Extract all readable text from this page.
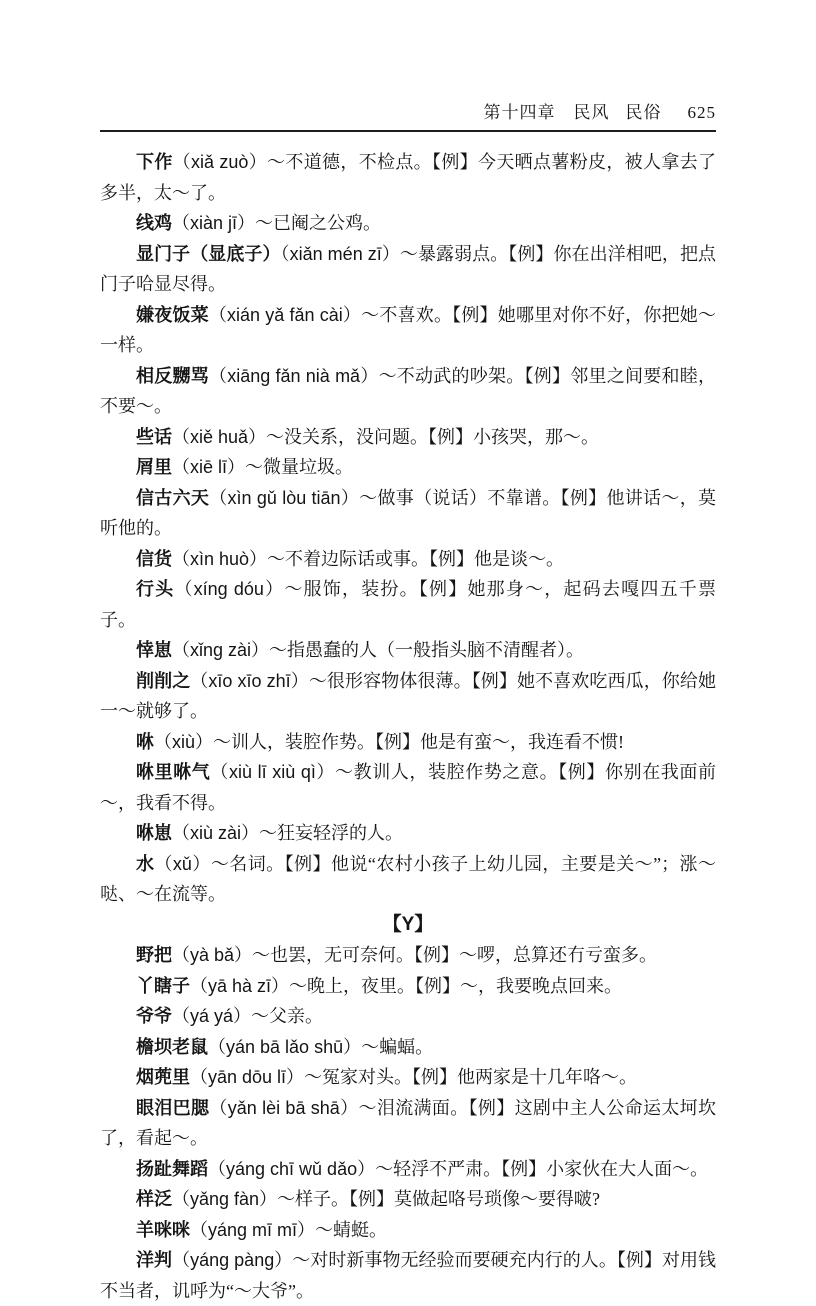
第十四章 民风 民俗 625

下作（xiǎ zuò）～不道德，不检点。【例】今天晒点薯粉皮，被人拿去了多半，太～了。

线鸡（xiàn jī）～已阉之公鸡。

显门子（显底子）（xiǎn mén zī）～暴露弱点。【例】你在出洋相吧，把点门子哈显尽得。

嫌夜饭菜（xián yǎ fǎn cài）～不喜欢。【例】她哪里对你不好，你把她～一样。

相反嬲骂（xiāng fǎn nià mǎ）～不动武的吵架。【例】邻里之间要和睦，不要～。

些话（xiě huǎ）～没关系，没问题。【例】小孩哭，那～。

屑里（xiē lī）～微量垃圾。

信古六天（xìn gǔ lòu tiān）～做事（说话）不靠谱。【例】他讲话～，莫听他的。

信货（xìn huò）～不着边际话或事。【例】他是谈～。

行头（xíng dóu）～服饰，装扮。【例】她那身～，起码去嘎四五千票子。

悻崽（xǐng zài）～指愚蠢的人（一般指头脑不清醒者）。

削削之（xīo xīo zhī）～很形容物体很薄。【例】她不喜欢吃西瓜，你给她一～就够了。

咻（xiù）～训人，装腔作势。【例】他是有蛮～，我连看不惯!

咻里咻气（xiù lī xiù qì）～教训人，装腔作势之意。【例】你别在我面前～，我看不得。

咻崽（xiù zài）～狂妄轻浮的人。

水（xǔ）～名词。【例】他说“农村小孩子上幼儿园，主要是关～”；涨～哒、～在流等。

【Y】

野把（yà bǎ）～也罢，无可奈何。【例】～啰，总算还冇亏蛮多。

丫瞎子（yā hà zī）～晚上，夜里。【例】～，我要晚点回来。

爷爷（yá yá）～父亲。

檐坝老鼠（yán bā lǎo shū）～蝙蝠。

烟蔸里（yān dōu lī）～冤家对头。【例】他两家是十几年咯～。

眼泪巴腮（yǎn lèi bā shā）～泪流满面。【例】这剧中主人公命运太坷坎了，看起～。

扬趾舞蹈（yáng chī wǔ dǎo）～轻浮不严肃。【例】小家伙在大人面～。

样泛（yǎng fàn）～样子。【例】莫做起咯号琐像～要得啵?

羊咪咪（yáng mī mī）～蜻蜓。

洋判（yáng pàng）～对时新事物无经验而要硬充内行的人。【例】对用钱不当者，讥呼为“～大爷”。
